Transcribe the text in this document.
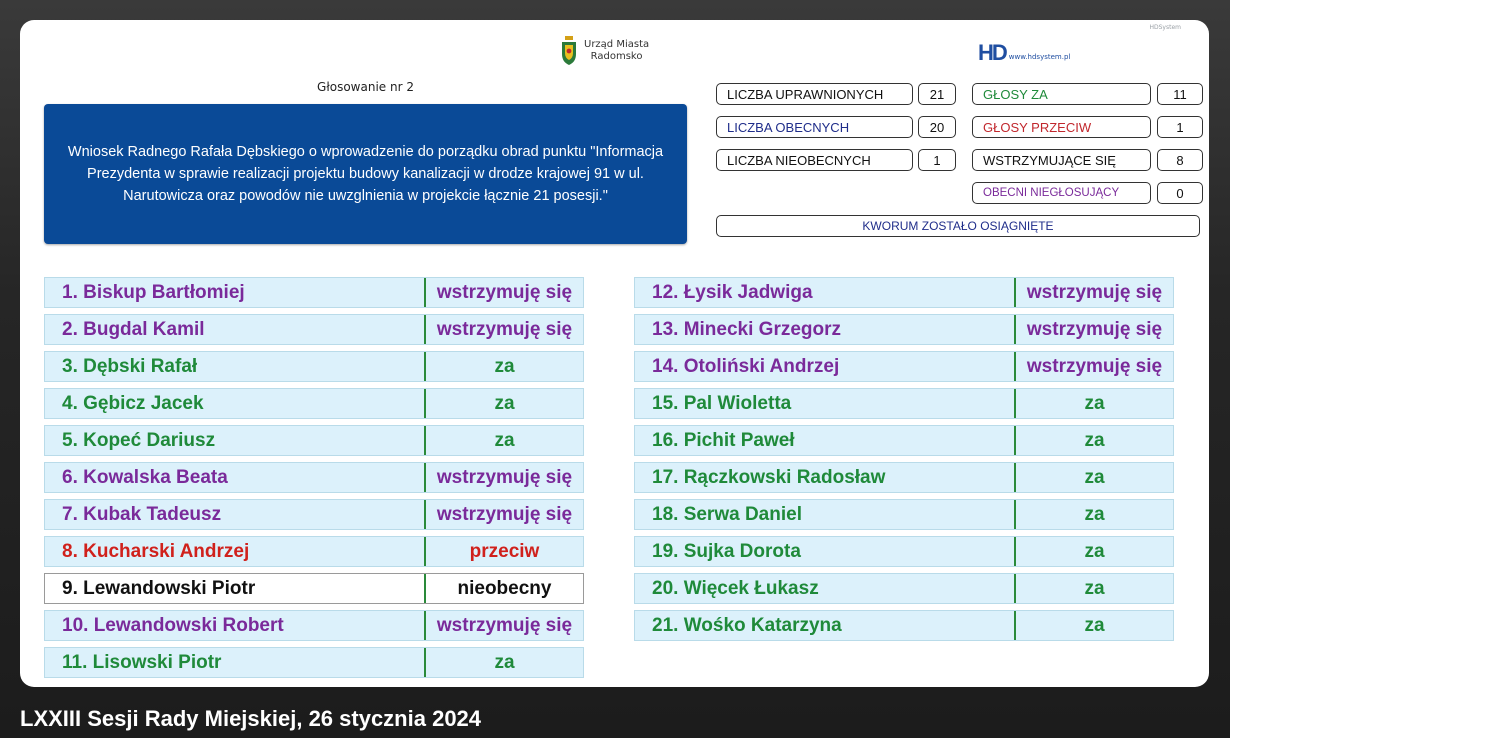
HDSystem
Urząd Miasta
Radomsko	HD www.hdsystem.pl
Głosowanie nr 2
Wniosek Radnego Rafała Dębskiego o wprowadzenie do porządku obrad punktu "Informacja Prezydenta w sprawie realizacji projektu budowy kanalizacji w drodze krajowej 91 w ul. Narutowicza oraz powodów nie uwzglnienia w projekcie łącznie 21 posesji."
LICZBA UPRAWNIONYCH	21
LICZBA OBECNYCH	20
LICZBA NIEOBECNYCH	1
GŁOSY ZA	11
GŁOSY PRZECIW	1
WSTRZYMUJĄCE SIĘ	8
OBECNI NIEGŁOSUJĄCY	0
KWORUM ZOSTAŁO OSIĄGNIĘTE
1. Biskup Bartłomiej	wstrzymuję się
2. Bugdal Kamil	wstrzymuję się
3. Dębski Rafał	za
4. Gębicz Jacek	za
5. Kopeć Dariusz	za
6. Kowalska Beata	wstrzymuję się
7. Kubak Tadeusz	wstrzymuję się
8. Kucharski Andrzej	przeciw
9. Lewandowski Piotr	nieobecny
10. Lewandowski Robert	wstrzymuję się
11. Lisowski Piotr	za
12. Łysik Jadwiga	wstrzymuję się
13. Minecki Grzegorz	wstrzymuję się
14. Otoliński Andrzej	wstrzymuję się
15. Pal Wioletta	za
16. Pichit Paweł	za
17. Rączkowski Radosław	za
18. Serwa Daniel	za
19. Sujka Dorota	za
20. Więcek Łukasz	za
21. Wośko Katarzyna	za
LXXIII Sesji Rady Miejskiej, 26 stycznia 2024
